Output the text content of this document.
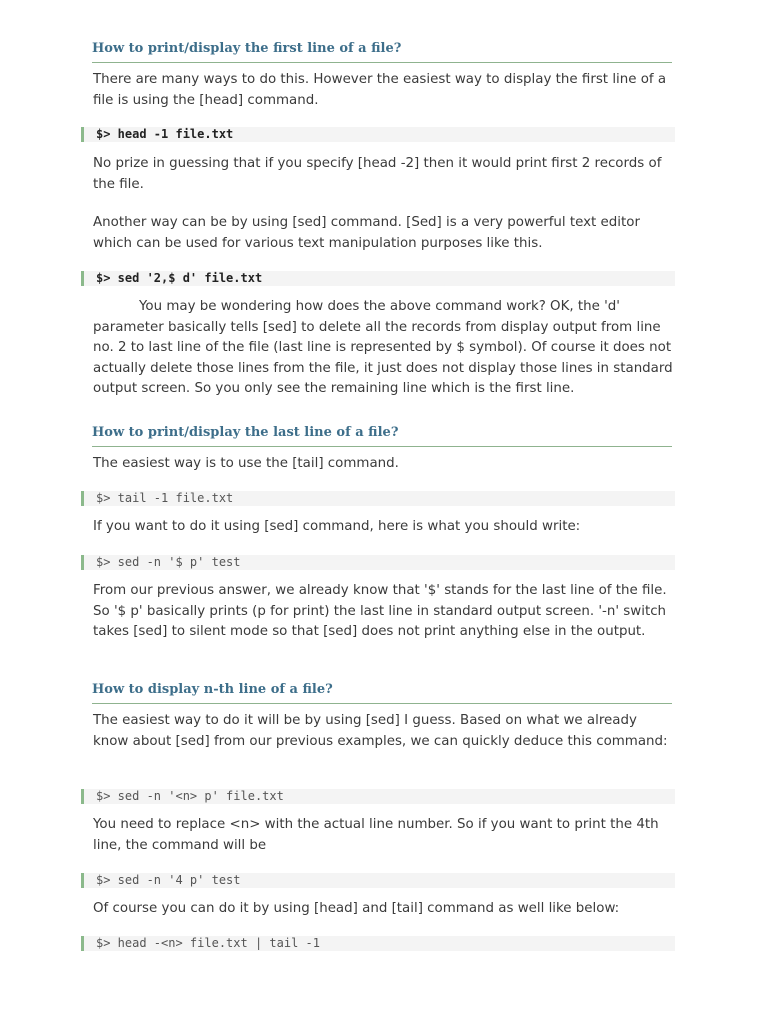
How to print/display the first line of a file?
There are many ways to do this. However the easiest way to display the first line of a file is using the [head] command.
$> head -1 file.txt
No prize in guessing that if you specify [head -2] then it would print first 2 records of the file.
Another way can be by using [sed] command. [Sed] is a very powerful text editor which can be used for various text manipulation purposes like this.
$> sed '2,$ d' file.txt
You may be wondering how does the above command work? OK, the 'd' parameter basically tells [sed] to delete all the records from display output from line no. 2 to last line of the file (last line is represented by $ symbol). Of course it does not actually delete those lines from the file, it just does not display those lines in standard output screen. So you only see the remaining line which is the first line.
How to print/display the last line of a file?
The easiest way is to use the [tail] command.
$> tail -1 file.txt
If you want to do it using [sed] command, here is what you should write:
$> sed -n '$ p' test
From our previous answer, we already know that '$' stands for the last line of the file. So '$ p' basically prints (p for print) the last line in standard output screen. '-n' switch takes [sed] to silent mode so that [sed] does not print anything else in the output.
How to display n-th line of a file?
The easiest way to do it will be by using [sed] I guess. Based on what we already know about [sed] from our previous examples, we can quickly deduce this command:
$> sed -n '<n> p' file.txt
You need to replace <n> with the actual line number. So if you want to print the 4th line, the command will be
$> sed -n '4 p' test
Of course you can do it by using [head] and [tail] command as well like below:
$> head -<n> file.txt | tail -1
